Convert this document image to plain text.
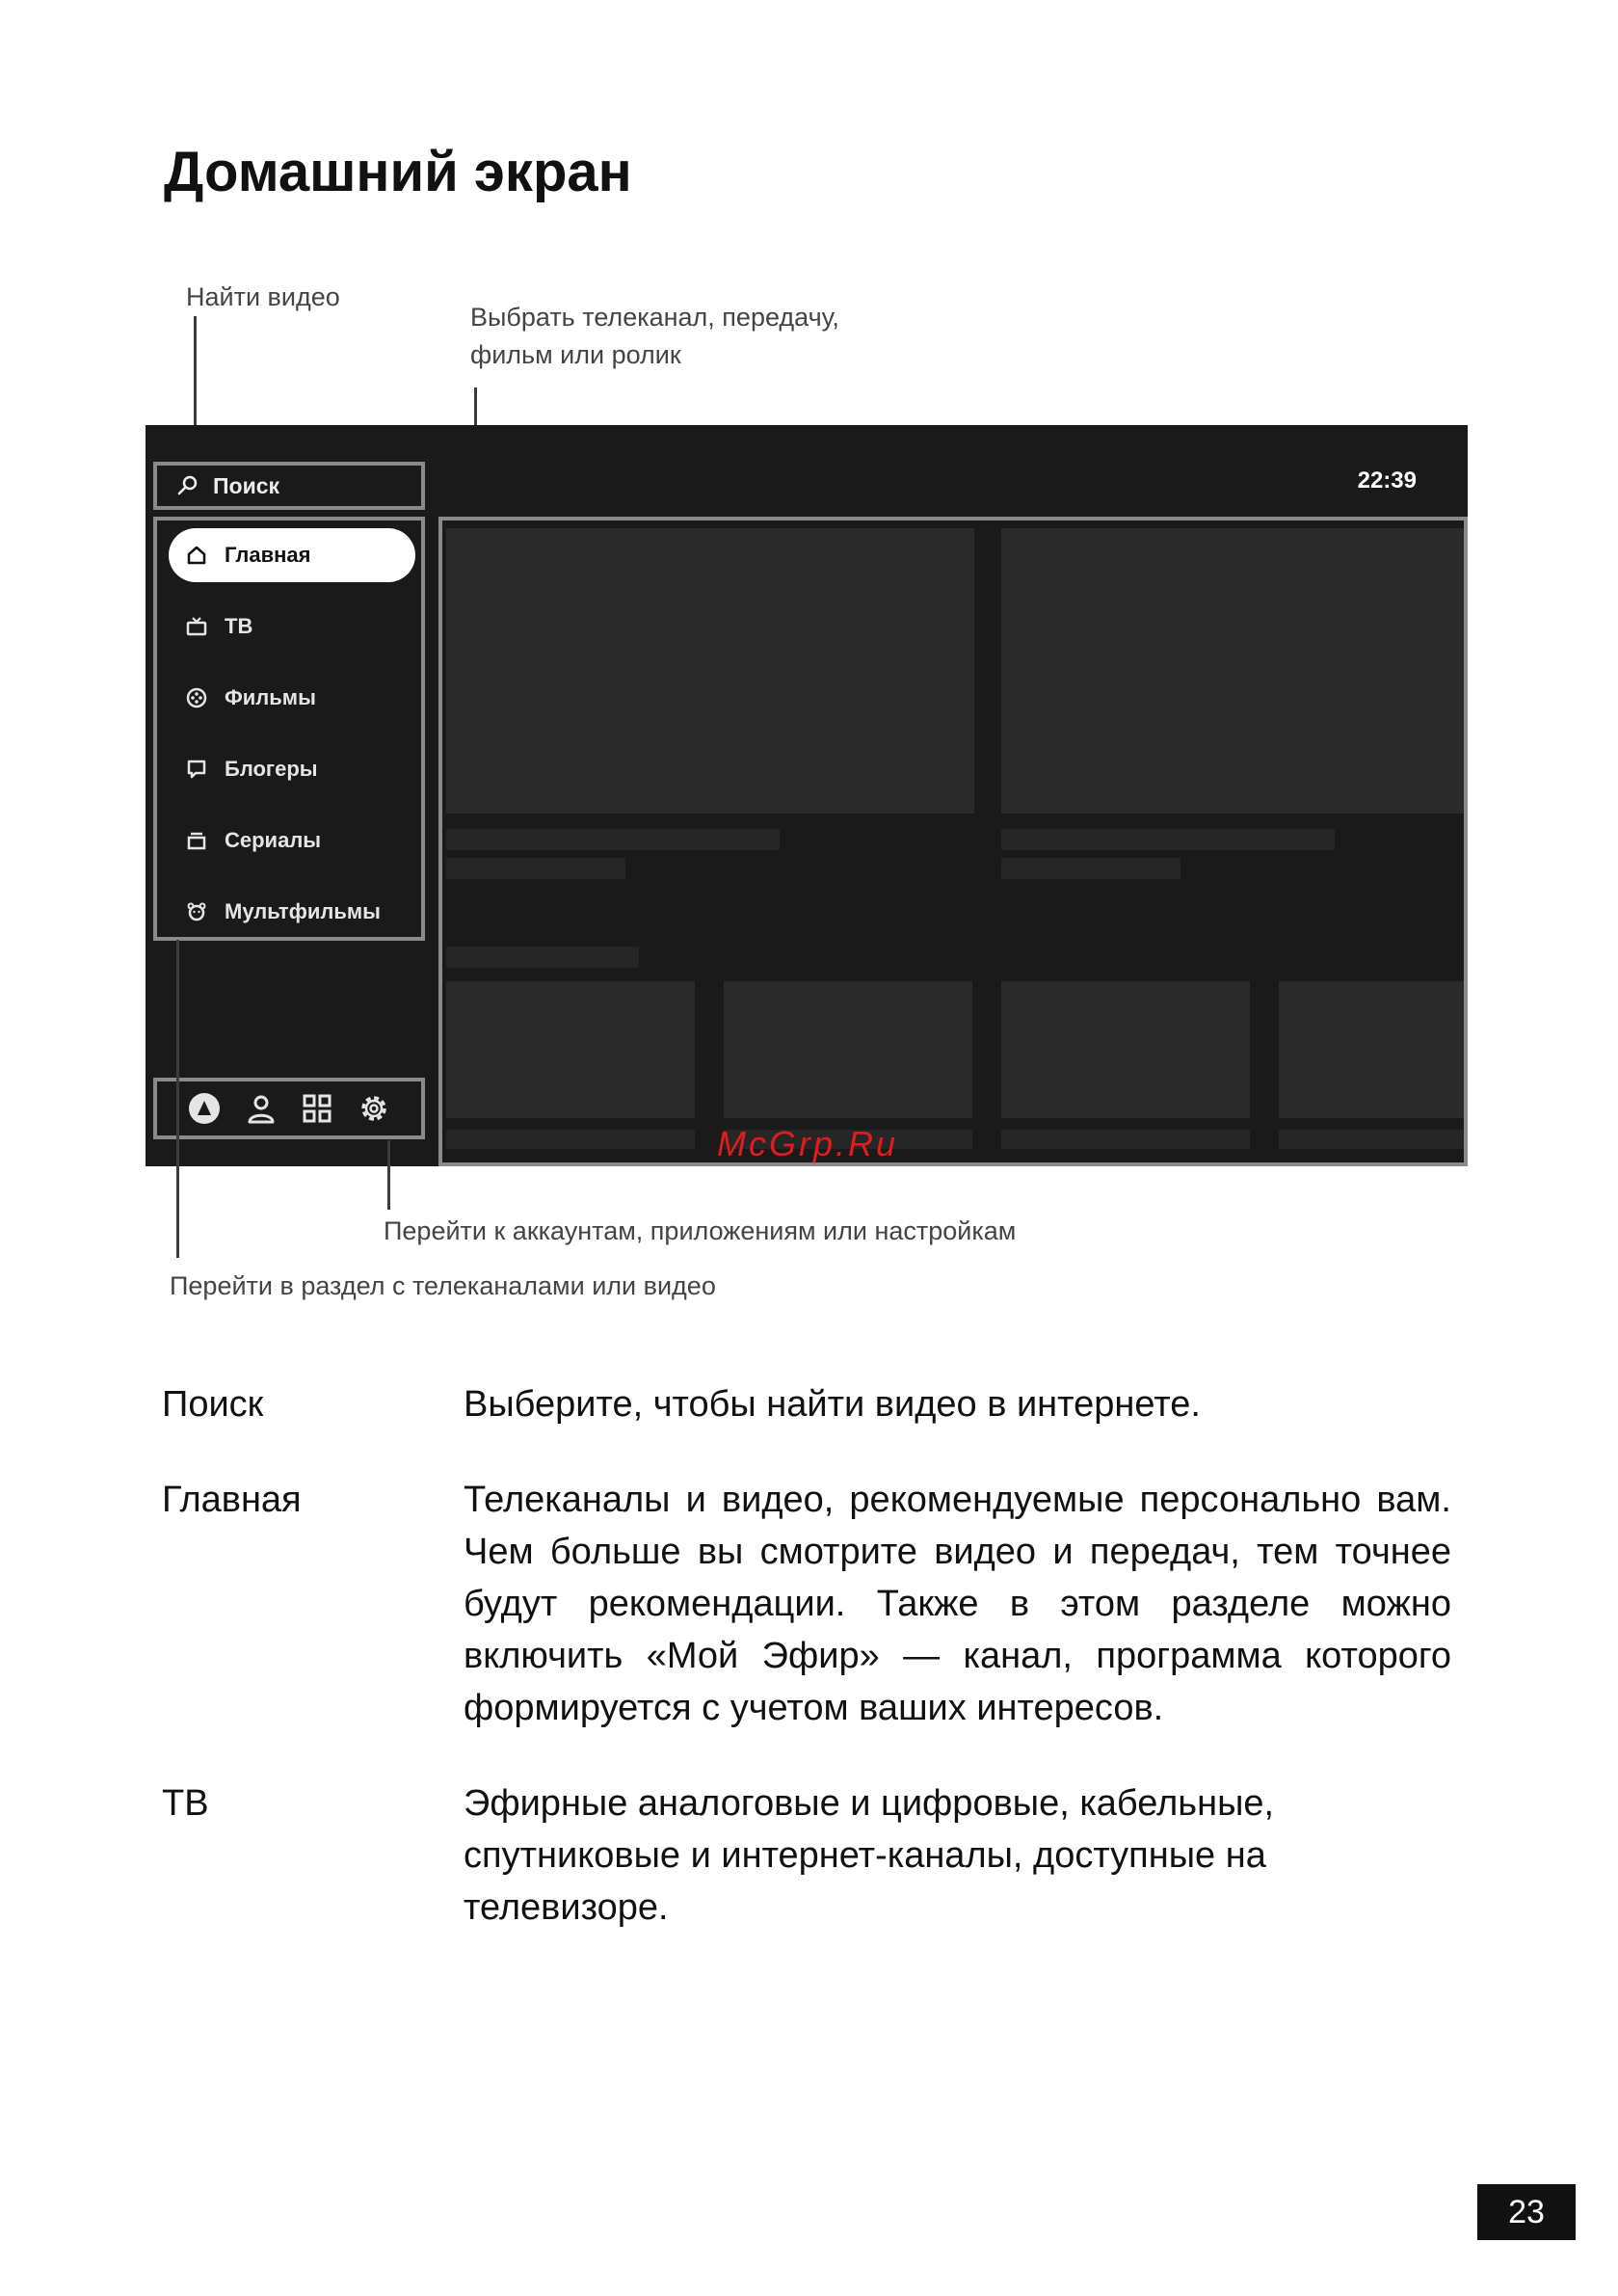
Домашний экран
Найти видео
Выбрать телеканал, передачу,
фильм или ролик
22:39
Поиск
Главная
ТВ
Фильмы
Блогеры
Сериалы
Мультфильмы
McGrp.Ru
Перейти к аккаунтам, приложениям или настройкам
Перейти в раздел с телеканалами или видео
Поиск	Выберите, чтобы найти видео в интернете.
Главная	Телеканалы и видео, рекомендуемые персонально вам. Чем больше вы смотрите видео и передач, тем точнее будут рекомендации. Также в этом разделе можно включить «Мой Эфир» — канал, программа которого формируется с учетом ваших интересов.
ТВ	Эфирные аналоговые и цифровые, кабельные, спутниковые и интернет-каналы, доступные на телевизоре.
23
